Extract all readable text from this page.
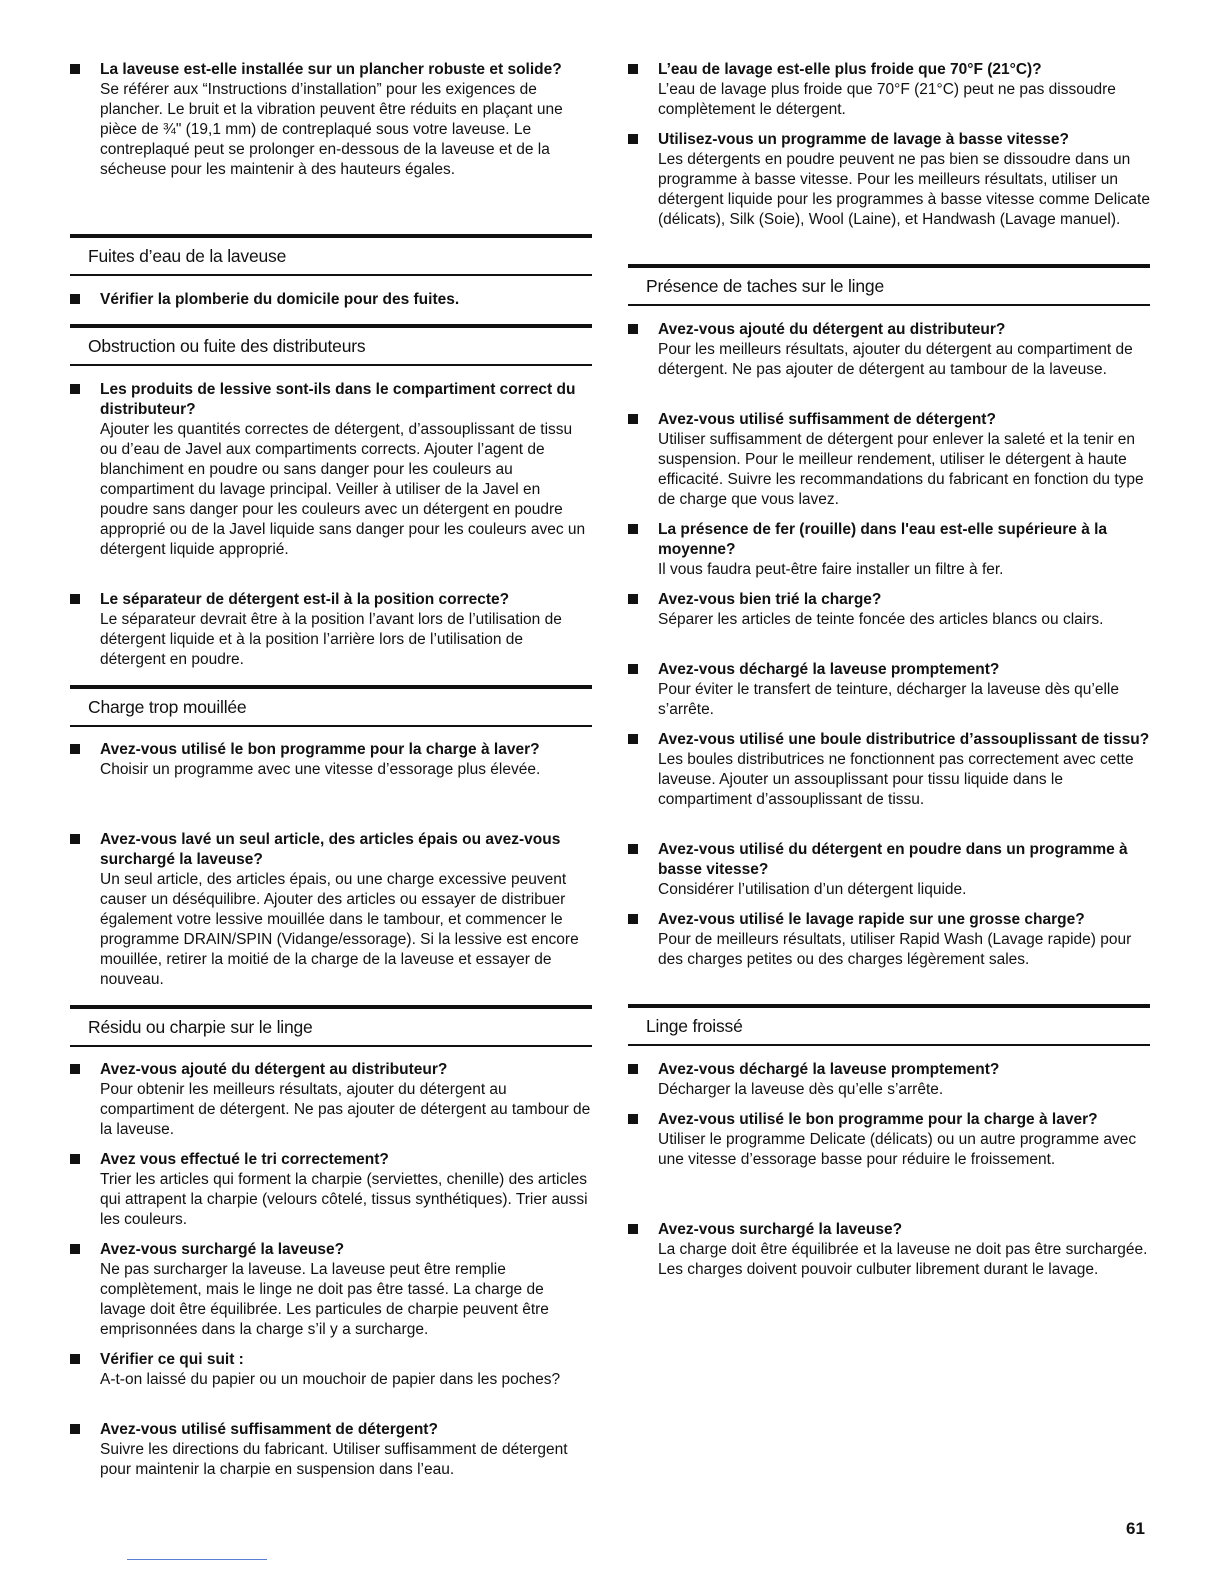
La laveuse est-elle installée sur un plancher robuste et solide?
Se référer aux “Instructions d’installation” pour les exigences de plancher. Le bruit et la vibration peuvent être réduits en plaçant une pièce de ¾" (19,1 mm) de contreplaqué sous votre laveuse. Le contreplaqué peut se prolonger en-dessous de la laveuse et de la sécheuse pour les maintenir à des hauteurs égales.
Fuites d’eau de la laveuse
Vérifier la plomberie du domicile pour des fuites.
Obstruction ou fuite des distributeurs
Les produits de lessive sont-ils dans le compartiment correct du distributeur?
Ajouter les quantités correctes de détergent, d’assouplissant de tissu ou d’eau de Javel aux compartiments corrects. Ajouter l’agent de blanchiment en poudre ou sans danger pour les couleurs au compartiment du lavage principal. Veiller à utiliser de la Javel en poudre sans danger pour les couleurs avec un détergent en poudre approprié ou de la Javel liquide sans danger pour les couleurs avec un détergent liquide approprié.
Le séparateur de détergent est-il à la position correcte?
Le séparateur devrait être à la position l’avant lors de l’utilisation de détergent liquide et à la position l’arrière lors de l’utilisation de détergent en poudre.
Charge trop mouillée
Avez-vous utilisé le bon programme pour la charge à laver?
Choisir un programme avec une vitesse d’essorage plus élevée.
Avez-vous lavé un seul article, des articles épais ou avez-vous surchargé la laveuse?
Un seul article, des articles épais, ou une charge excessive peuvent causer un déséquilibre. Ajouter des articles ou essayer de distribuer également votre lessive mouillée dans le tambour, et commencer le programme DRAIN/SPIN (Vidange/essorage). Si la lessive est encore mouillée, retirer la moitié de la charge de la laveuse et essayer de nouveau.
Résidu ou charpie sur le linge
Avez-vous ajouté du détergent au distributeur?
Pour obtenir les meilleurs résultats, ajouter du détergent au compartiment de détergent. Ne pas ajouter de détergent au tambour de la laveuse.
Avez vous effectué le tri correctement?
Trier les articles qui forment la charpie (serviettes, chenille) des articles qui attrapent la charpie (velours côtelé, tissus synthétiques). Trier aussi les couleurs.
Avez-vous surchargé la laveuse?
Ne pas surcharger la laveuse. La laveuse peut être remplie complètement, mais le linge ne doit pas être tassé. La charge de lavage doit être équilibrée. Les particules de charpie peuvent être emprisonnées dans la charge s’il y a surcharge.
Vérifier ce qui suit :
A-t-on laissé du papier ou un mouchoir de papier dans les poches?
Avez-vous utilisé suffisamment de détergent?
Suivre les directions du fabricant. Utiliser suffisamment de détergent pour maintenir la charpie en suspension dans l’eau.
L’eau de lavage est-elle plus froide que 70°F (21°C)?
L’eau de lavage plus froide que 70°F (21°C) peut ne pas dissoudre complètement le détergent.
Utilisez-vous un programme de lavage à basse vitesse?
Les détergents en poudre peuvent ne pas bien se dissoudre dans un programme à basse vitesse. Pour les meilleurs résultats, utiliser un détergent liquide pour les programmes à basse vitesse comme Delicate (délicats), Silk (Soie), Wool (Laine), et Handwash (Lavage manuel).
Présence de taches sur le linge
Avez-vous ajouté du détergent au distributeur?
Pour les meilleurs résultats, ajouter du détergent au compartiment de détergent. Ne pas ajouter de détergent au tambour de la laveuse.
Avez-vous utilisé suffisamment de détergent?
Utiliser suffisamment de détergent pour enlever la saleté et la tenir en suspension. Pour le meilleur rendement, utiliser le détergent à haute efficacité. Suivre les recommandations du fabricant en fonction du type de charge que vous lavez.
La présence de fer (rouille) dans l'eau est-elle supérieure à la moyenne?
Il vous faudra peut-être faire installer un filtre à fer.
Avez-vous bien trié la charge?
Séparer les articles de teinte foncée des articles blancs ou clairs.
Avez-vous déchargé la laveuse promptement?
Pour éviter le transfert de teinture, décharger la laveuse dès qu’elle s’arrête.
Avez-vous utilisé une boule distributrice d’assouplissant de tissu?
Les boules distributrices ne fonctionnent pas correctement avec cette laveuse. Ajouter un assouplissant pour tissu liquide dans le compartiment d’assouplissant de tissu.
Avez-vous utilisé du détergent en poudre dans un programme à basse vitesse?
Considérer l’utilisation d’un détergent liquide.
Avez-vous utilisé le lavage rapide sur une grosse charge?
Pour de meilleurs résultats, utiliser Rapid Wash (Lavage rapide) pour des charges petites ou des charges légèrement sales.
Linge froissé
Avez-vous déchargé la laveuse promptement?
Décharger la laveuse dès qu’elle s’arrête.
Avez-vous utilisé le bon programme pour la charge à laver?
Utiliser le programme Delicate (délicats) ou un autre programme avec une vitesse d’essorage basse pour réduire le froissement.
Avez-vous surchargé la laveuse?
La charge doit être équilibrée et la laveuse ne doit pas être surchargée. Les charges doivent pouvoir culbuter librement durant le lavage.
61
